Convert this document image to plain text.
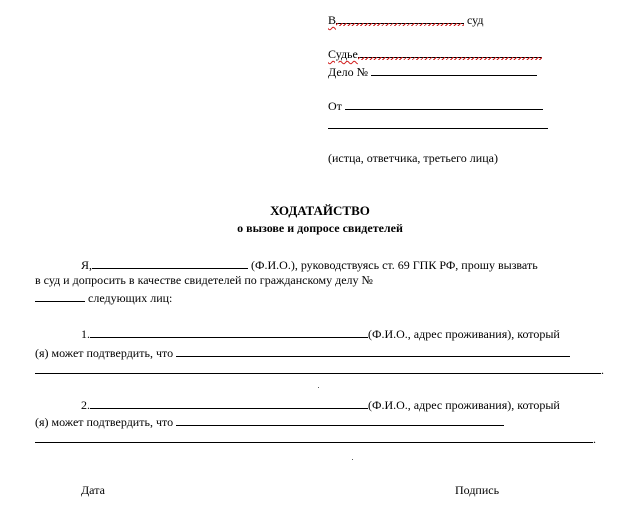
В	суд
Судье
Дело №
От
(истца, ответчика, третьего лица)
ХОДАТАЙСТВО
о вызове и допросе свидетелей
Я,	(Ф.И.О.), руководствуясь ст. 69 ГПК РФ, прошу вызвать
в суд и допросить в качестве свидетелей по гражданскому делу №
следующих лиц:
1.	(Ф.И.О., адрес проживания), который
(я) может подтвердить, что
.
2.	(Ф.И.О., адрес проживания), который
(я) может подтвердить, что
.
Дата	Подпись
